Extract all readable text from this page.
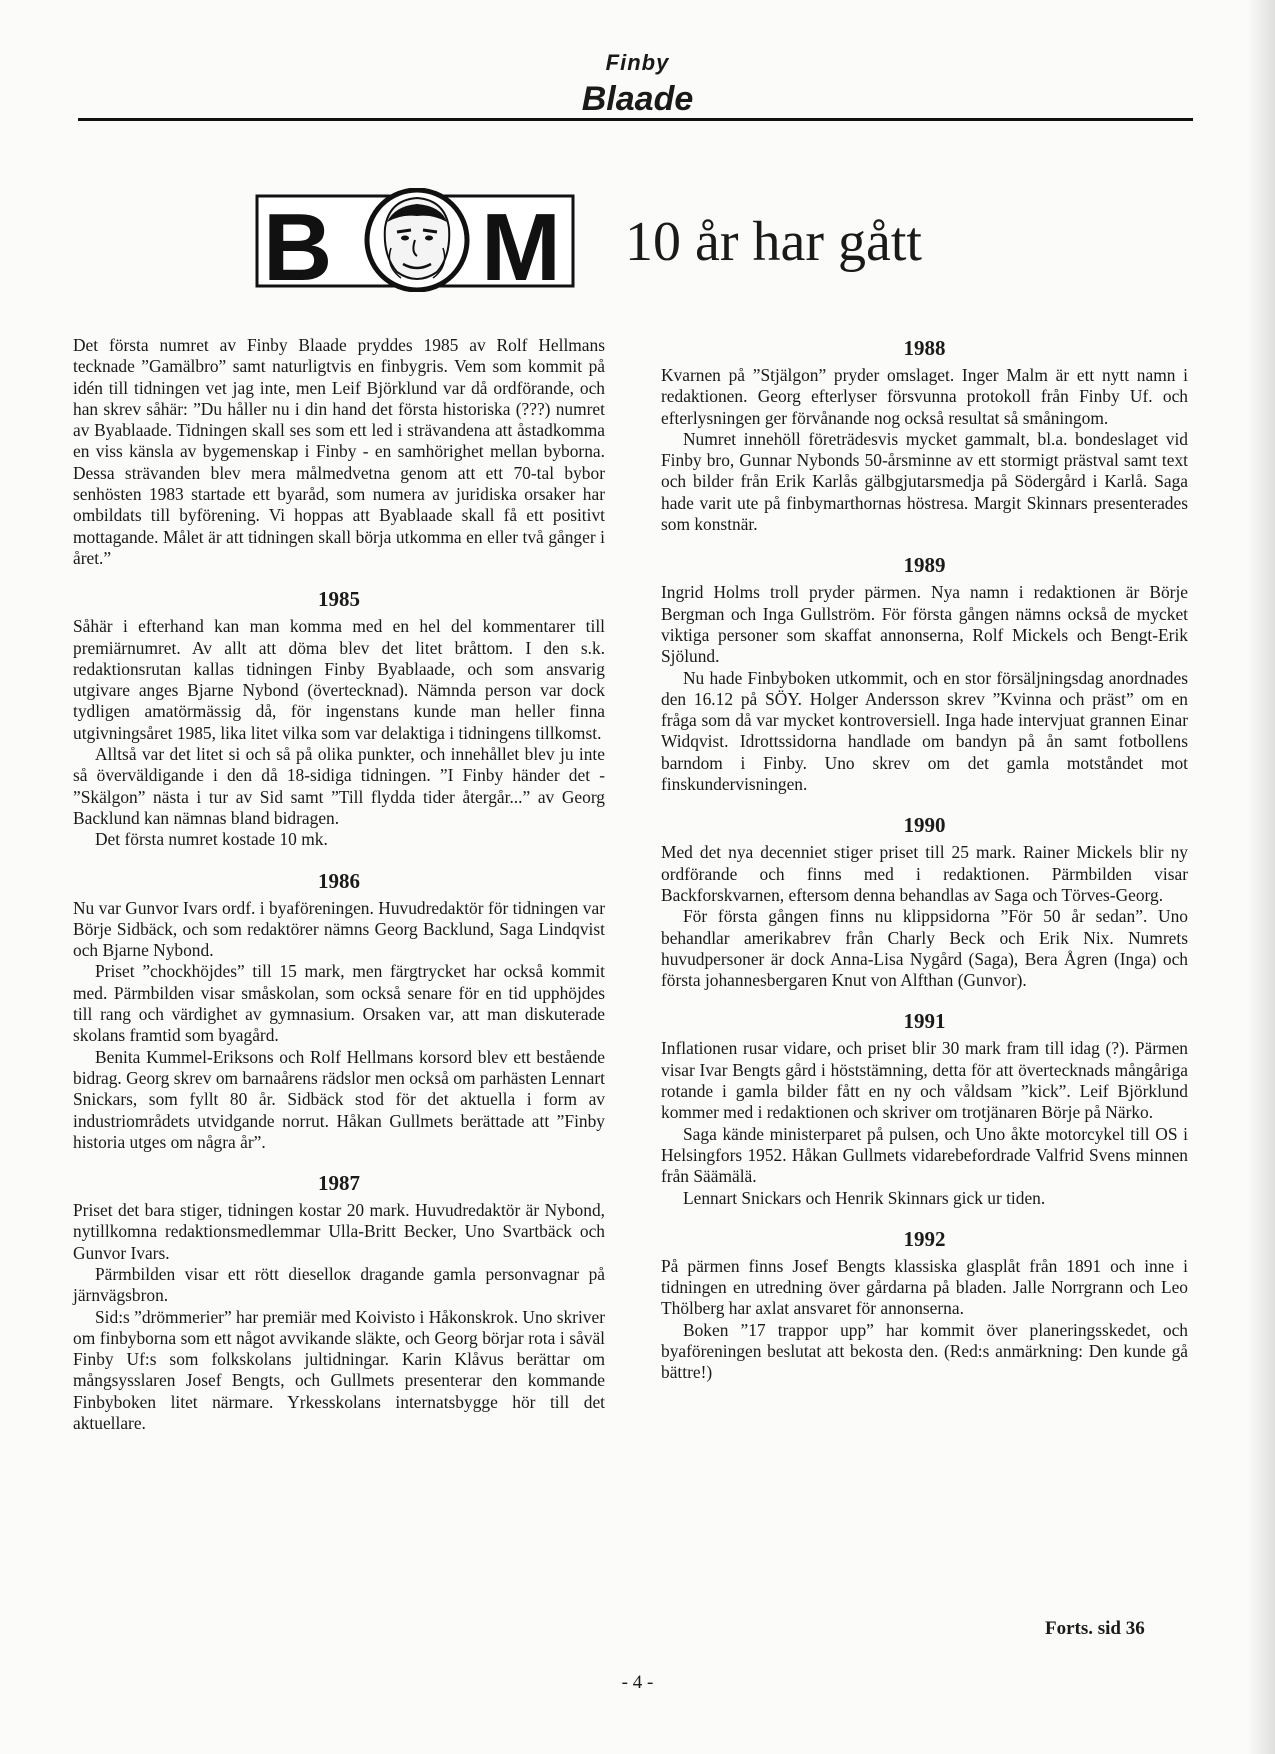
Finby
Blaade
B M 10 år har gått

Det första numret av Finby Blaade pryddes 1985 av Rolf Hellmans tecknade ”Gamälbro” samt naturligtvis en finbygris. Vem som kommit på idén till tidningen vet jag inte, men Leif Björklund var då ordförande, och han skrev såhär: ”Du håller nu i din hand det första historiska (???) numret av Byablaade. Tidningen skall ses som ett led i strävandena att åstadkomma en viss känsla av bygemenskap i Finby - en samhörighet mellan byborna. Dessa strävanden blev mera målmedvetna genom att ett 70-tal bybor senhösten 1983 startade ett byaråd, som numera av juridiska orsaker har ombildats till byförening. Vi hoppas att Byablaade skall få ett positivt mottagande. Målet är att tidningen skall börja utkomma en eller två gånger i året.”

1985

Såhär i efterhand kan man komma med en hel del kommentarer till premiärnumret. Av allt att döma blev det litet bråttom. I den s.k. redaktionsrutan kallas tidningen Finby Byablaade, och som ansvarig utgivare anges Bjarne Nybond (övertecknad). Nämnda person var dock tydligen amatörmässig då, för ingenstans kunde man heller finna utgivningsåret 1985, lika litet vilka som var delaktiga i tidningens tillkomst.

Alltså var det litet si och så på olika punkter, och innehållet blev ju inte så överväldigande i den då 18-sidiga tidningen. ”I Finby händer det - ”Skälgon” nästa i tur av Sid samt ”Till flydda tider återgår...” av Georg Backlund kan nämnas bland bidragen.

Det första numret kostade 10 mk.

1986

Nu var Gunvor Ivars ordf. i byaföreningen. Huvudredaktör för tidningen var Börje Sidbäck, och som redaktörer nämns Georg Backlund, Saga Lindqvist och Bjarne Nybond.

Priset ”chockhöjdes” till 15 mark, men färgtrycket har också kommit med. Pärmbilden visar småskolan, som också senare för en tid upphöjdes till rang och värdighet av gymnasium. Orsaken var, att man diskuterade skolans framtid som byagård.

Benita Kummel-Eriksons och Rolf Hellmans korsord blev ett bestående bidrag. Georg skrev om barnaårens rädslor men också om parhästen Lennart Snickars, som fyllt 80 år. Sidbäck stod för det aktuella i form av industriområdets utvidgande norrut. Håkan Gullmets berättade att ”Finby historia utges om några år”.

1987

Priset det bara stiger, tidningen kostar 20 mark. Huvudredaktör är Nybond, nytillkomna redaktionsmedlemmar Ulla-Britt Becker, Uno Svartbäck och Gunvor Ivars.

Pärmbilden visar ett rött dieselloк dragande gamla personvagnar på järnvägsbron.

Sid:s ”drömmerier” har premiär med Koivisto i Håkonskrok. Uno skriver om finbyborna som ett något avvikande släkte, och Georg börjar rota i såväl Finby Uf:s som folkskolans jultidningar. Karin Klåvus berättar om mångsysslaren Josef Bengts, och Gullmets presenterar den kommande Finbyboken litet närmare. Yrkesskolans internatsbygge hör till det aktuellare.

1988

Kvarnen på ”Stjälgon” pryder omslaget. Inger Malm är ett nytt namn i redaktionen. Georg efterlyser försvunna protokoll från Finby Uf. och efterlysningen ger förvånande nog också resultat så småningom.

Numret innehöll företrädesvis mycket gammalt, bl.a. bondeslaget vid Finby bro, Gunnar Nybonds 50-årsminne av ett stormigt prästval samt text och bilder från Erik Karlås gälbgjutarsmedja på Södergård i Karlå. Saga hade varit ute på finbymarthornas höstresa. Margit Skinnars presenterades som konstnär.

1989

Ingrid Holms troll pryder pärmen. Nya namn i redaktionen är Börje Bergman och Inga Gullström. För första gången nämns också de mycket viktiga personer som skaffat annonserna, Rolf Mickels och Bengt-Erik Sjölund.

Nu hade Finbyboken utkommit, och en stor försäljningsdag anordnades den 16.12 på SÖY. Holger Andersson skrev ”Kvinna och präst” om en fråga som då var mycket kontroversiell. Inga hade intervjuat grannen Einar Widqvist. Idrottssidorna handlade om bandyn på ån samt fotbollens barndom i Finby. Uno skrev om det gamla motståndet mot finskundervisningen.

1990

Med det nya decenniet stiger priset till 25 mark. Rainer Mickels blir ny ordförande och finns med i redaktionen. Pärmbilden visar Backforskvarnen, eftersom denna behandlas av Saga och Törves-Georg.

För första gången finns nu klippsidorna ”För 50 år sedan”. Uno behandlar amerikabrev från Charly Beck och Erik Nix. Numrets huvudpersoner är dock Anna-Lisa Nygård (Saga), Bera Ågren (Inga) och första johannesbergaren Knut von Alfthan (Gunvor).

1991

Inflationen rusar vidare, och priset blir 30 mark fram till idag (?). Pärmen visar Ivar Bengts gård i höststämning, detta för att övertecknads mångåriga rotande i gamla bilder fått en ny och våldsam ”kick”. Leif Björklund kommer med i redaktionen och skriver om trotjänaren Börje på Närko.

Saga kände ministerparet på pulsen, och Uno åkte motorcykel till OS i Helsingfors 1952. Håkan Gullmets vidarebefordrade Valfrid Svens minnen från Säämälä.

Lennart Snickars och Henrik Skinnars gick ur tiden.

1992

På pärmen finns Josef Bengts klassiska glasplåt från 1891 och inne i tidningen en utredning över gårdarna på bladen. Jalle Norrgrann och Leo Thölberg har axlat ansvaret för annonserna.

Boken ”17 trappor upp” har kommit över planeringsskedet, och byaföreningen beslutat att bekosta den. (Red:s anmärkning: Den kunde gå bättre!)

Forts. sid 36
- 4 -
